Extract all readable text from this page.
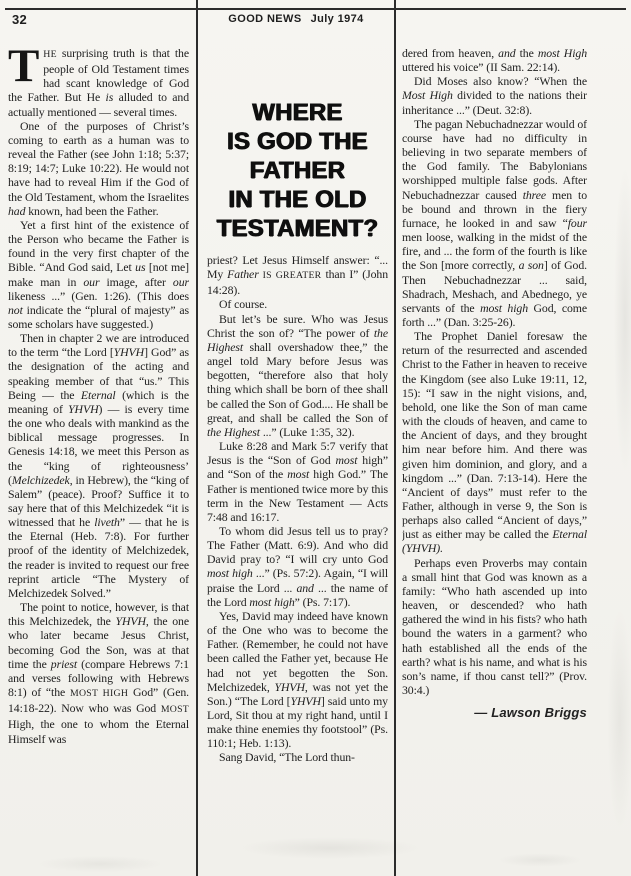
32	GOOD NEWS July 1974

THE surprising truth is that the people of Old Testament times had scant knowledge of God the Father. But He is alluded to and actually mentioned — several times.

One of the purposes of Christ’s coming to earth as a human was to reveal the Father (see John 1:18; 5:37; 8:19; 14:7; Luke 10:22). He would not have had to reveal Him if the God of the Old Testament, whom the Israelites had known, had been the Father.

Yet a first hint of the existence of the Person who became the Father is found in the very first chapter of the Bible. “And God said, Let us [not me] make man in our image, after our likeness ...” (Gen. 1:26). (This does not indicate the “plural of majesty” as some scholars have suggested.)

Then in chapter 2 we are introduced to the term “the Lord [YHVH] God” as the designation of the acting and speaking member of that “us.” This Being — the Eternal (which is the meaning of YHVH) — is every time the one who deals with mankind as the biblical message progresses. In Genesis 14:18, we meet this Person as the “king of righteousness’ (Melchizedek, in Hebrew), the “king of Salem” (peace). Proof? Suffice it to say here that of this Melchizedek “it is witnessed that he liveth” — that he is the Eternal (Heb. 7:8). For further proof of the identity of Melchizedek, the reader is invited to request our free reprint article “The Mystery of Melchizedek Solved.”

The point to notice, however, is that this Melchizedek, the YHVH, the one who later became Jesus Christ, becoming God the Son, was at that time the priest (compare Hebrews 7:1 and verses following with Hebrews 8:1) of “the MOST HIGH God” (Gen. 14:18-22). Now who was God MOST High, the one to whom the Eternal Himself was

WHERE
IS GOD THE
FATHER
IN THE OLD
TESTAMENT?

priest? Let Jesus Himself answer: “... My Father IS GREATER than I” (John 14:28).

Of course.

But let’s be sure. Who was Jesus Christ the son of? “The power of the Highest shall overshadow thee,” the angel told Mary before Jesus was begotten, “therefore also that holy thing which shall be born of thee shall be called the Son of God.... He shall be great, and shall be called the Son of the Highest ...” (Luke 1:35, 32).

Luke 8:28 and Mark 5:7 verify that Jesus is the “Son of God most high” and “Son of the most high God.” The Father is mentioned twice more by this term in the New Testament — Acts 7:48 and 16:17.

To whom did Jesus tell us to pray? The Father (Matt. 6:9). And who did David pray to? “I will cry unto God most high ...” (Ps. 57:2). Again, “I will praise the Lord ... and ... the name of the Lord most high” (Ps. 7:17).

Yes, David may indeed have known of the One who was to become the Father. (Remember, he could not have been called the Father yet, because He had not yet begotten the Son. Melchizedek, YHVH, was not yet the Son.) “The Lord [YHVH] said unto my Lord, Sit thou at my right hand, until I make thine enemies thy footstool” (Ps. 110:1; Heb. 1:13).

Sang David, “The Lord thun-

dered from heaven, and the most High uttered his voice” (II Sam. 22:14).

Did Moses also know? “When the Most High divided to the nations their inheritance ...” (Deut. 32:8).

The pagan Nebuchadnezzar would of course have had no difficulty in believing in two separate members of the God family. The Babylonians worshipped multiple false gods. After Nebuchadnezzar caused three men to be bound and thrown in the fiery furnace, he looked in and saw “four men loose, walking in the midst of the fire, and ... the form of the fourth is like the Son [more correctly, a son] of God. Then Nebuchadnezzar ... said, Shadrach, Meshach, and Abednego, ye servants of the most high God, come forth ...” (Dan. 3:25-26).

The Prophet Daniel foresaw the return of the resurrected and ascended Christ to the Father in heaven to receive the Kingdom (see also Luke 19:11, 12, 15): “I saw in the night visions, and, behold, one like the Son of man came with the clouds of heaven, and came to the Ancient of days, and they brought him near before him. And there was given him dominion, and glory, and a kingdom ...” (Dan. 7:13-14). Here the “Ancient of days” must refer to the Father, although in verse 9, the Son is perhaps also called “Ancient of days,” just as either may be called the Eternal (YHVH).

Perhaps even Proverbs may contain a small hint that God was known as a family: “Who hath ascended up into heaven, or descended? who hath gathered the wind in his fists? who hath bound the waters in a garment? who hath established all the ends of the earth? what is his name, and what is his son’s name, if thou canst tell?” (Prov. 30:4.)

— Lawson Briggs
